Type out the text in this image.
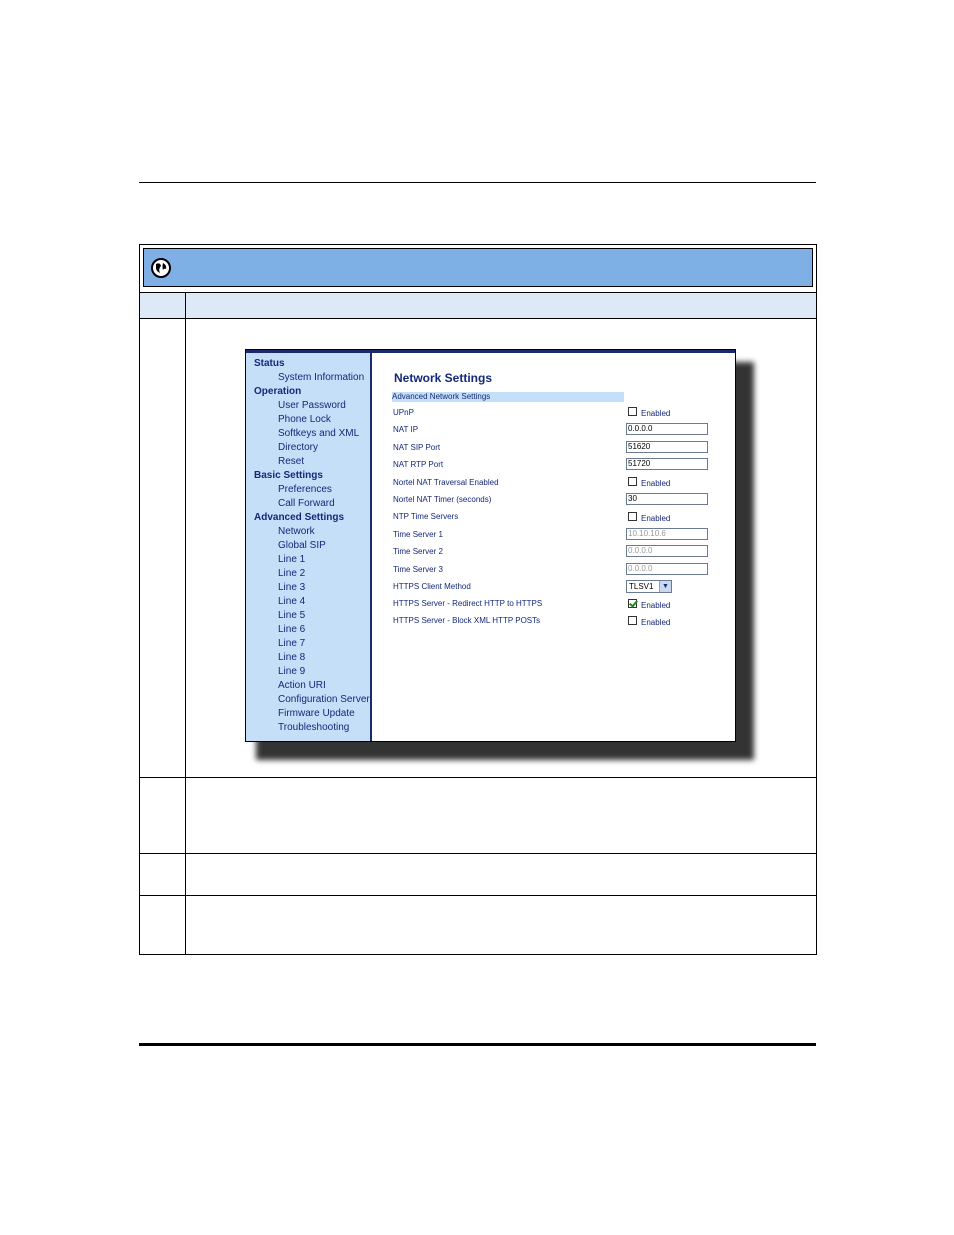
Status
System Information
Operation
User Password
Phone Lock
Softkeys and XML
Directory
Reset
Basic Settings
Preferences
Call Forward
Advanced Settings
Network
Global SIP
Line 1
Line 2
Line 3
Line 4
Line 5
Line 6
Line 7
Line 8
Line 9
Action URI
Configuration Server
Firmware Update
Troubleshooting
Network Settings
Advanced Network Settings
UPnP	Enabled
NAT IP	0.0.0.0
NAT SIP Port	51620
NAT RTP Port	51720
Nortel NAT Traversal Enabled	Enabled
Nortel NAT Timer (seconds)	30
NTP Time Servers	Enabled
Time Server 1	10.10.10.6
Time Server 2	0.0.0.0
Time Server 3	0.0.0.0
HTTPS Client Method	TLSV1	▼
HTTPS Server - Redirect HTTP to HTTPS	Enabled
HTTPS Server - Block XML HTTP POSTs	Enabled
